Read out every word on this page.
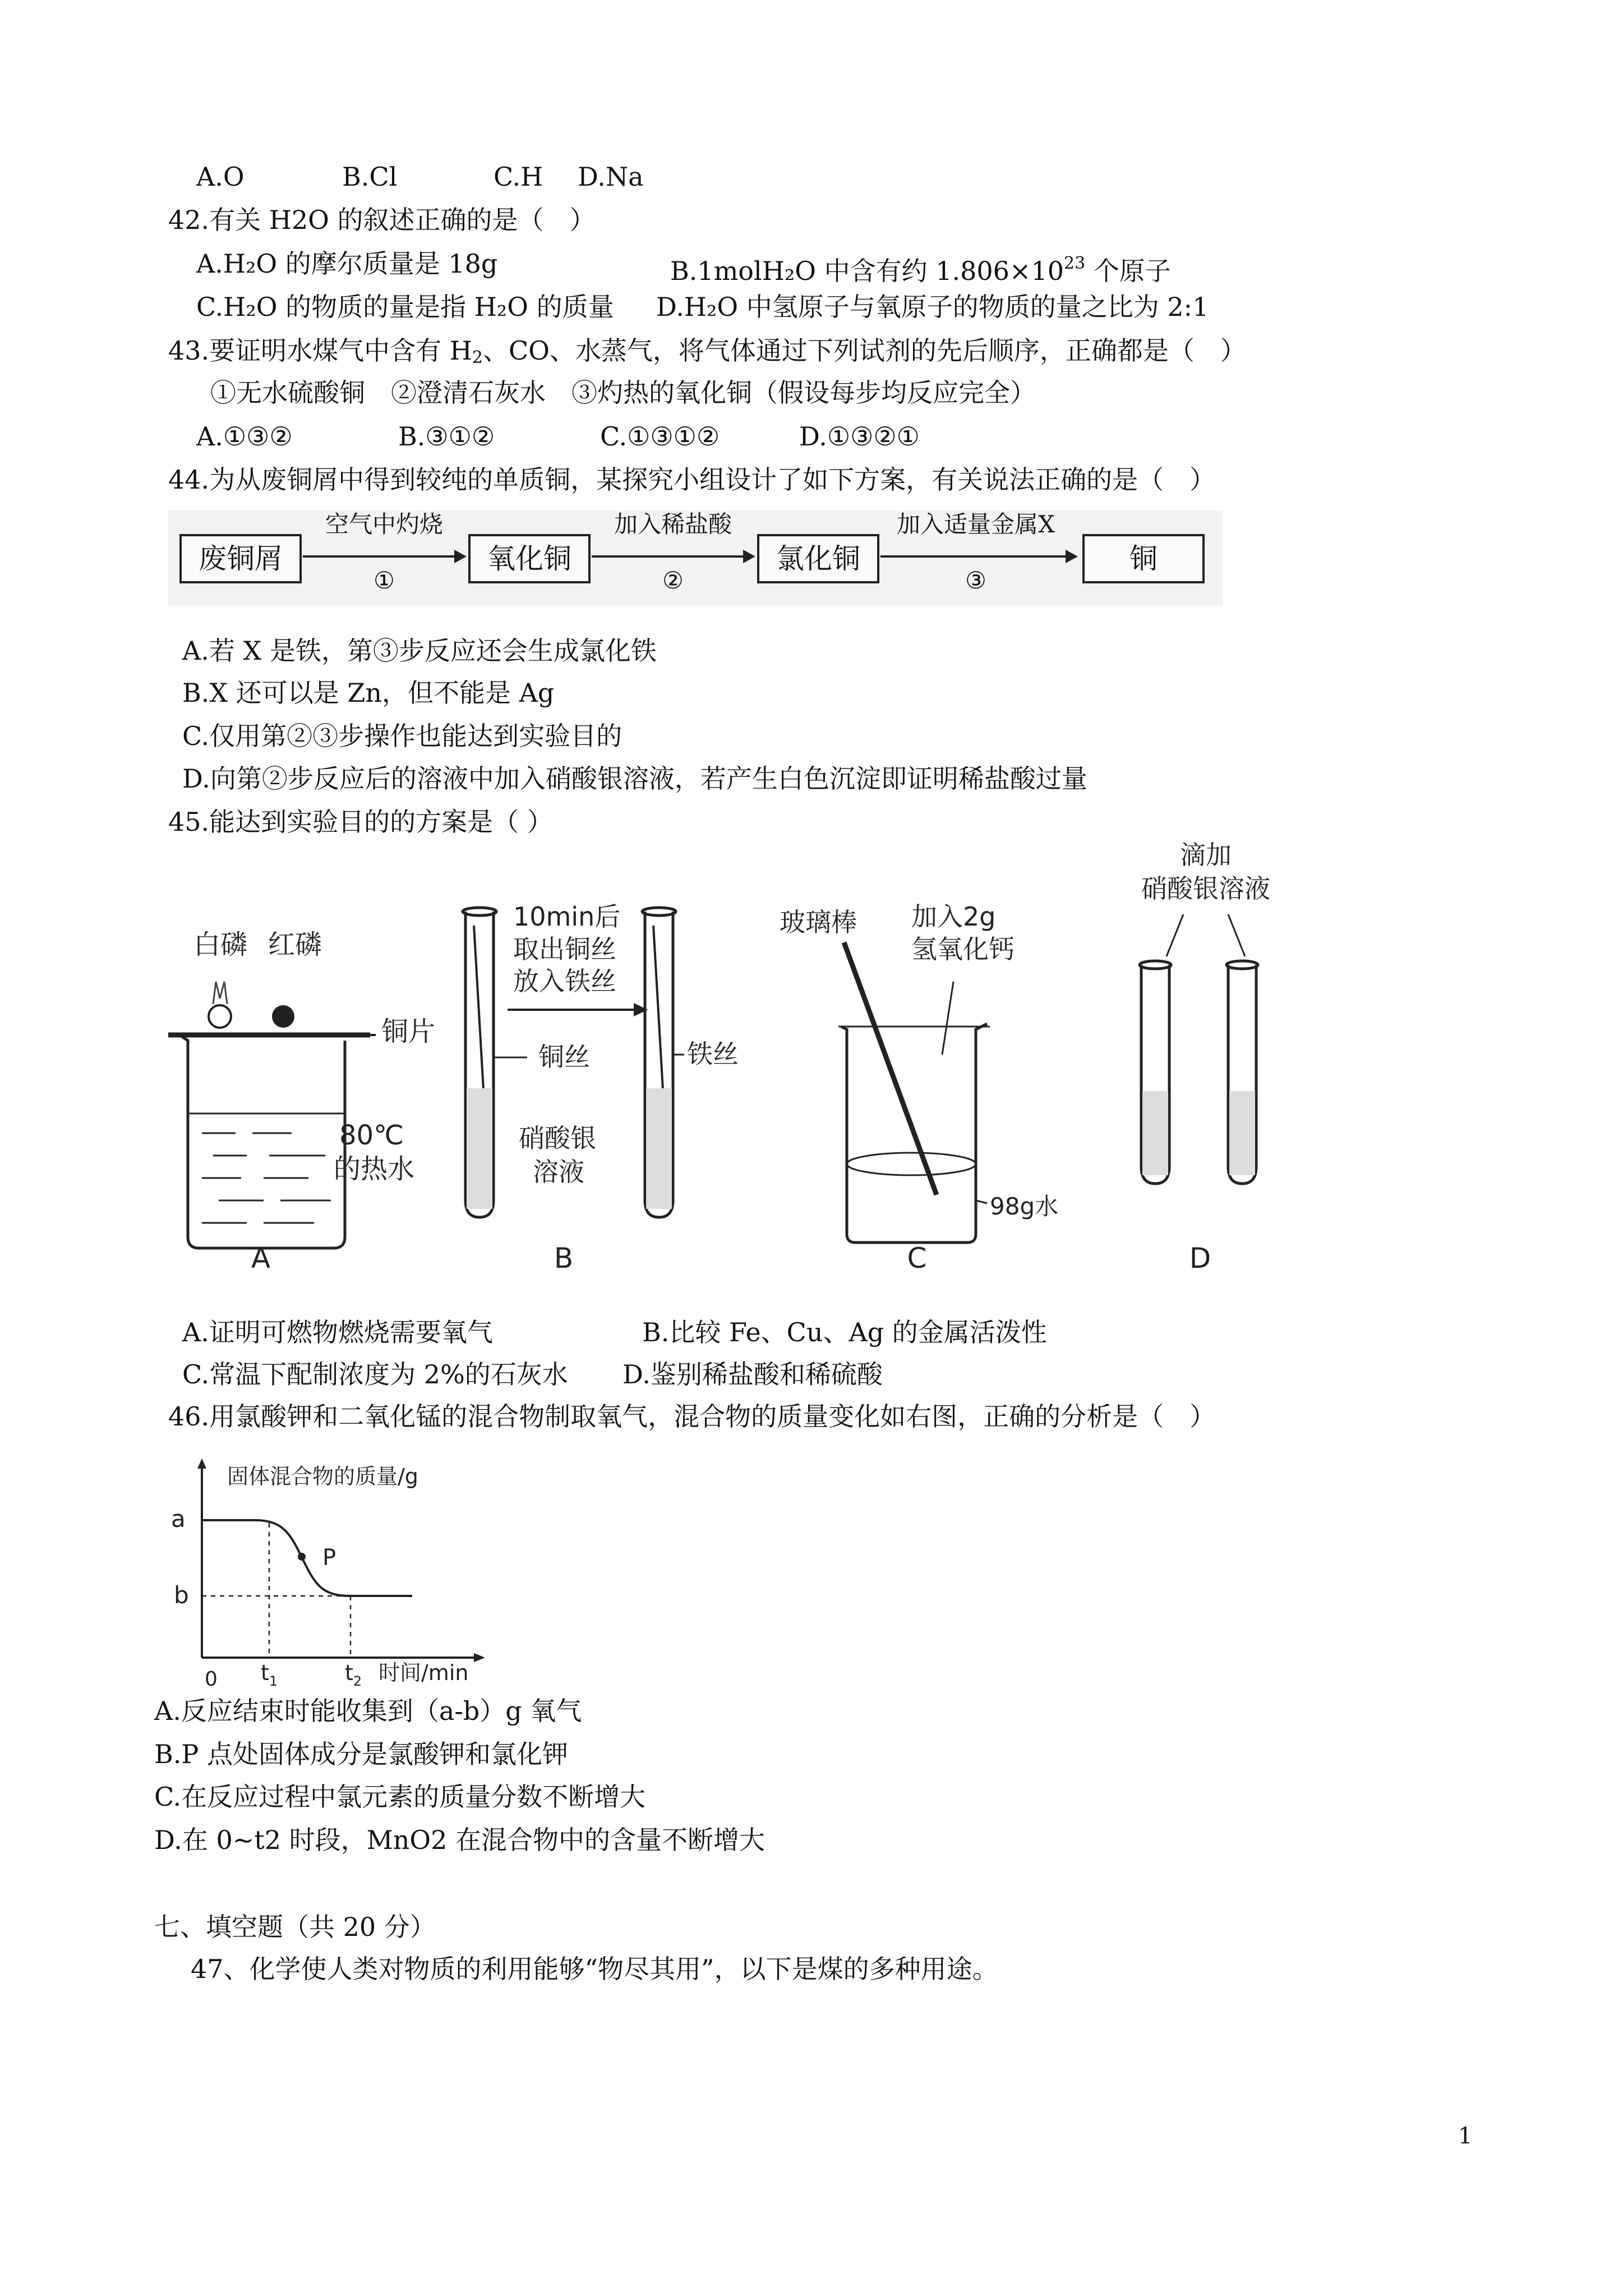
A.O	B.Cl	C.H D.Na
42.有关 H2O 的叙述正确的是（　）
A.H₂O 的摩尔质量是 18g	B.1molH₂O 中含有约 $1.806\times 10^{23}$ 个原子
C.H₂O 的物质的量是指 H₂O 的质量 D.H₂O 中氢原子与氧原子的物质的量之比为 2:1
43.要证明水煤气中含有 $H_2$、CO、水蒸气，将气体通过下列试剂的先后顺序，正确都是（　）
①无水硫酸铜　②澄清石灰水　③灼热的氧化铜（假设每步均反应完全）
A.①③②	B.③①②	C.①③①②	D.①③②①
44.为从废铜屑中得到较纯的单质铜，某探究小组设计了如下方案，有关说法正确的是（　）
废铜屑
空气中灼烧
①
氧化铜
加入稀盐酸
②
氯化铜
加入适量金属X
③
铜
A.若 X 是铁，第③步反应还会生成氯化铁
B.X 还可以是 Zn，但不能是 Ag
C.仅用第②③步操作也能达到实验目的
D.向第②步反应后的溶液中加入硝酸银溶液，若产生白色沉淀即证明稀盐酸过量
45.能达到实验目的的方案是（ ）
白磷 红磷
铜片
80℃
的热水
A
10min后
取出铜丝
放入铁丝
铜丝	铁丝
硝酸银
溶液
B
玻璃棒 加入2g
氢氧化钙
98g水
C
滴加
硝酸银溶液
D
A.证明可燃物燃烧需要氧气	B.比较 Fe、Cu、Ag 的金属活泼性
C.常温下配制浓度为 2%的石灰水 D.鉴别稀盐酸和稀硫酸
46.用氯酸钾和二氧化锰的混合物制取氧气，混合物的质量变化如右图，正确的分析是（　）
固体混合物的质量/g
a
b
P
0 $t_1$	$t_2$ 时间/min
A.反应结束时能收集到（a-b）g 氧气
B.P 点处固体成分是氯酸钾和氯化钾
C.在反应过程中氯元素的质量分数不断增大
D.在 0~t2 时段，MnO2 在混合物中的含量不断增大
七、填空题（共 20 分）
47、化学使人类对物质的利用能够“物尽其用”，以下是煤的多种用途。
1
